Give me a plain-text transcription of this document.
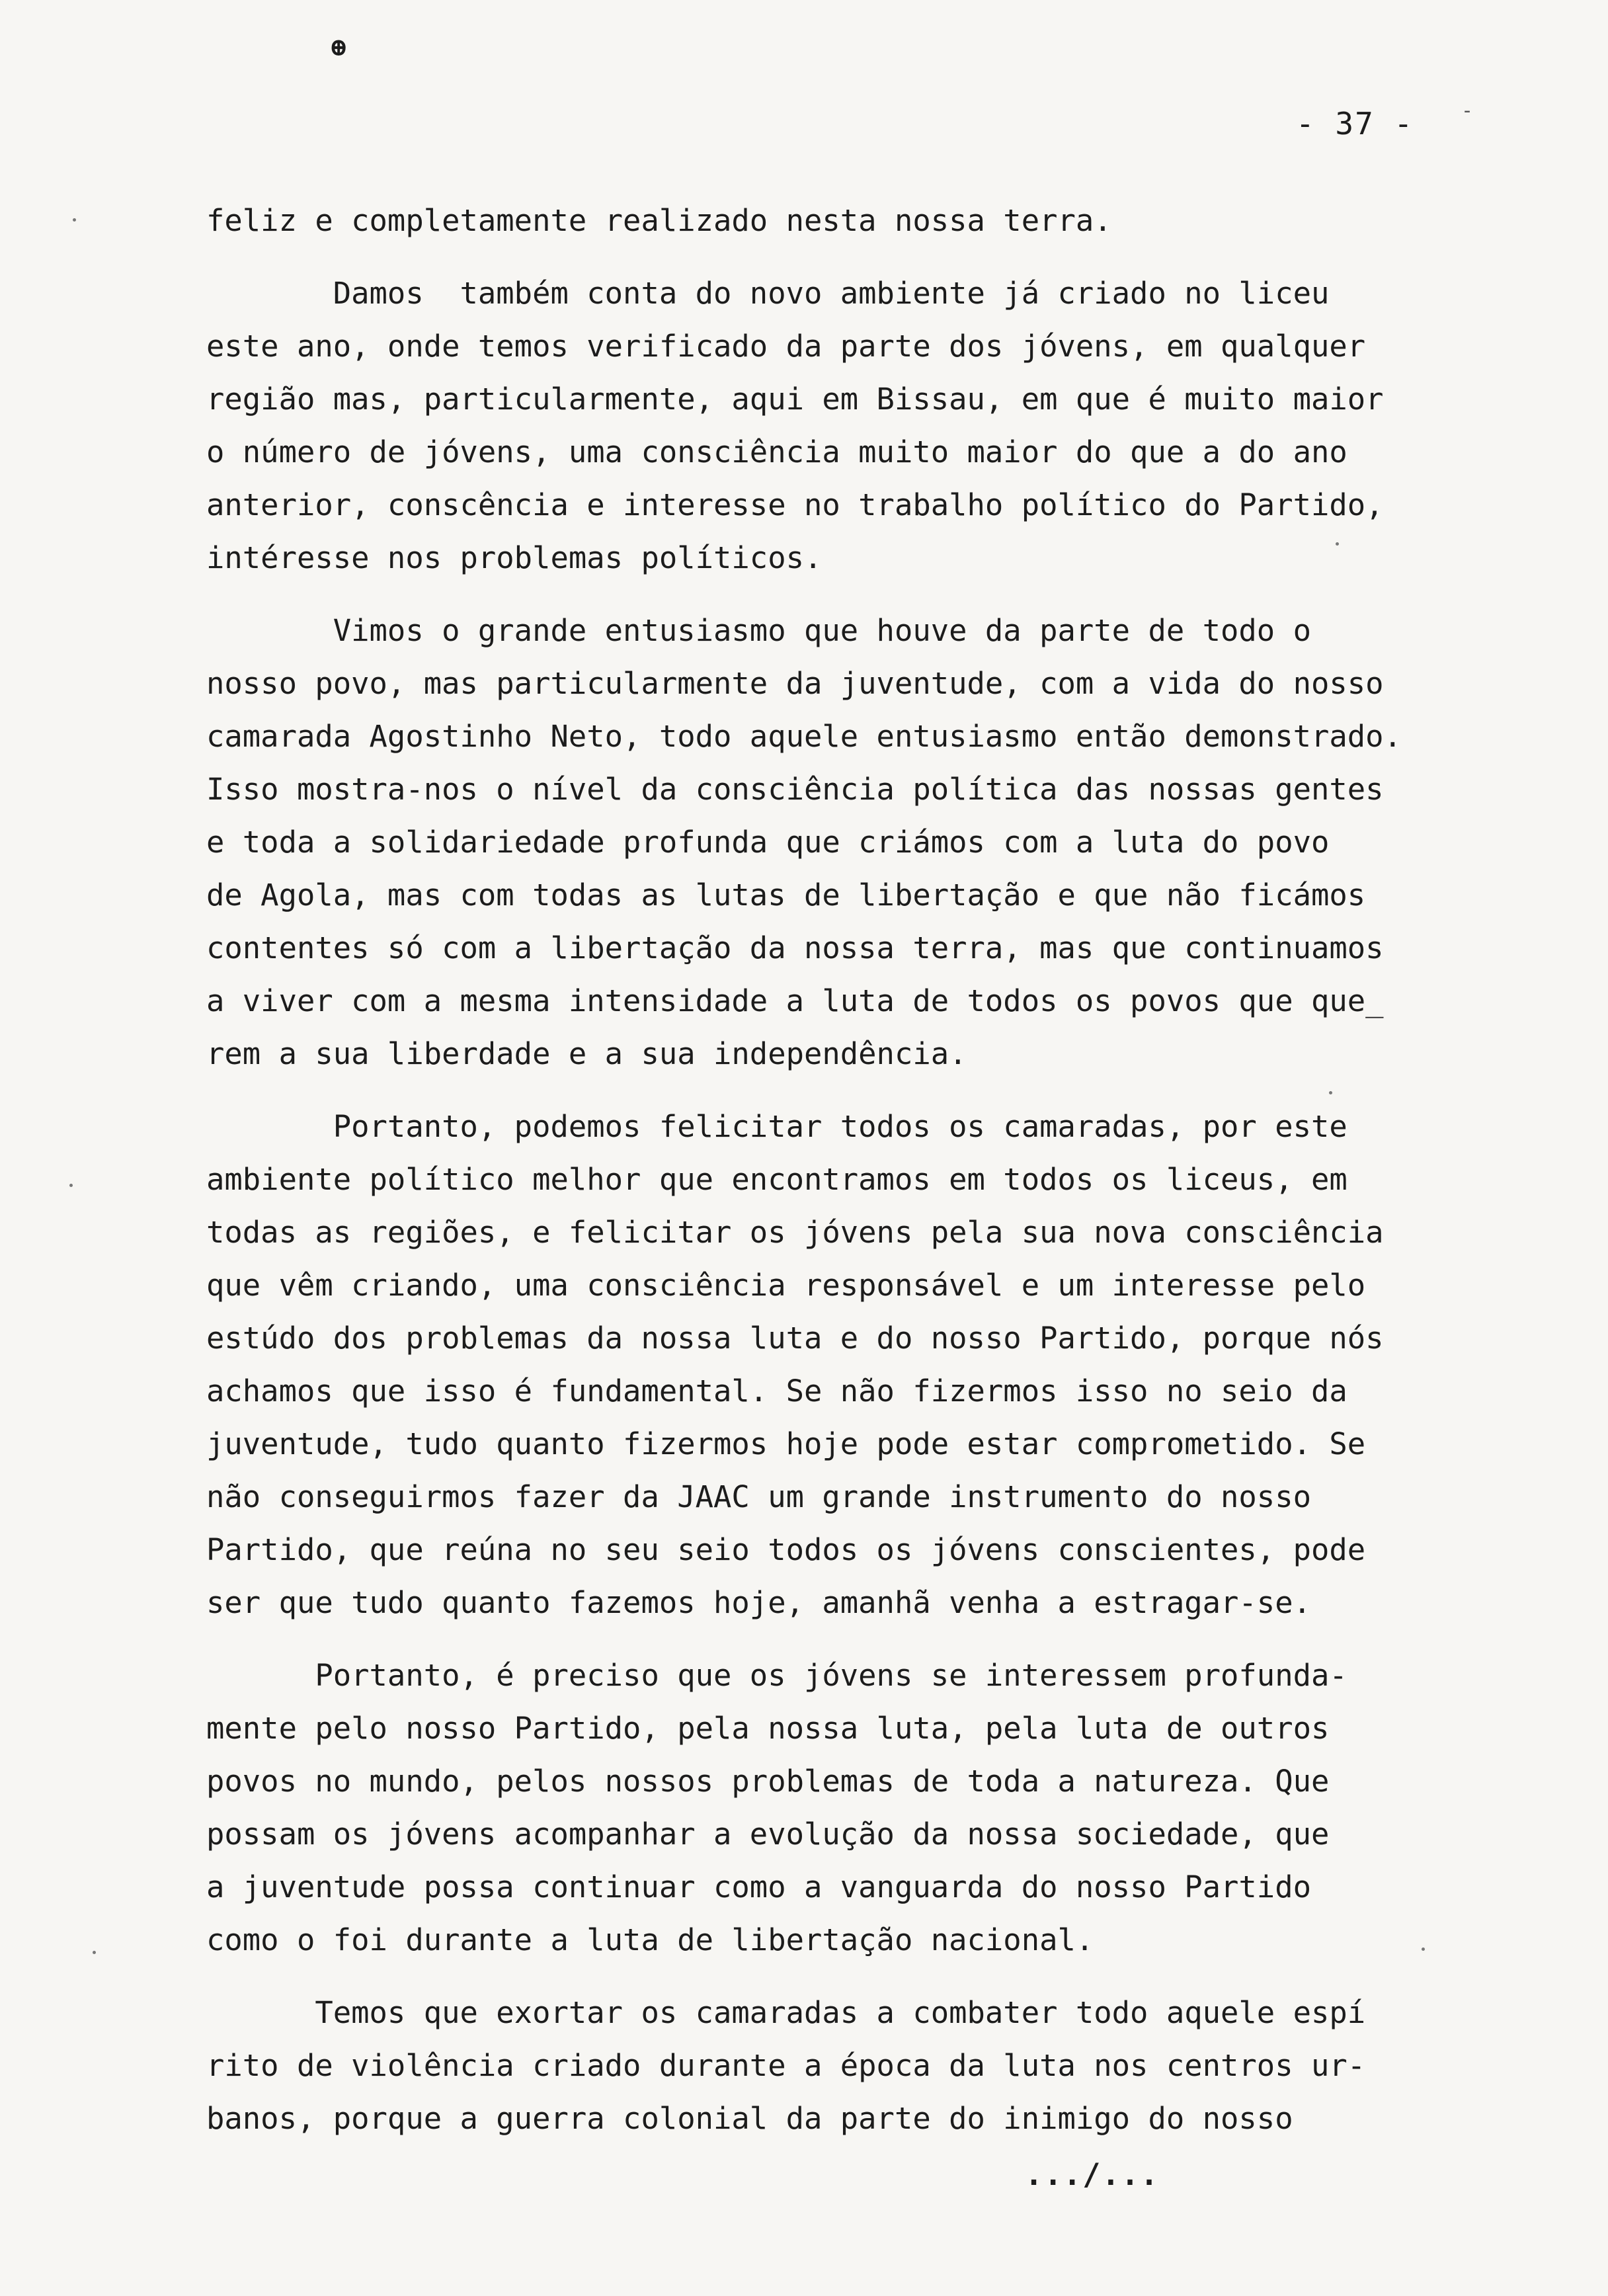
ꚛ
- 37 - -
feliz e completamente realizado nesta nossa terra.
Damos  também conta do novo ambiente já criado no liceu
este ano, onde temos verificado da parte dos jóvens, em qualquer
região mas, particularmente, aqui em Bissau, em que é muito maior
o número de jóvens, uma consciência muito maior do que a do ano
anterior, conscência e interesse no trabalho político do Partido,
intéresse nos problemas políticos.
Vimos o grande entusiasmo que houve da parte de todo o
nosso povo, mas particularmente da juventude, com a vida do nosso
camarada Agostinho Neto, todo aquele entusiasmo então demonstrado.
Isso mostra-nos o nível da consciência política das nossas gentes
e toda a solidariedade profunda que criámos com a luta do povo
de Agola, mas com todas as lutas de libertação e que não ficámos
contentes só com a libertação da nossa terra, mas que continuamos
a viver com a mesma intensidade a luta de todos os povos que que_
rem a sua liberdade e a sua independência.
Portanto, podemos felicitar todos os camaradas, por este
ambiente político melhor que encontramos em todos os liceus, em
todas as regiões, e felicitar os jóvens pela sua nova consciência
que vêm criando, uma consciência responsável e um interesse pelo
estúdo dos problemas da nossa luta e do nosso Partido, porque nós
achamos que isso é fundamental. Se não fizermos isso no seio da
juventude, tudo quanto fizermos hoje pode estar comprometido. Se
não conseguirmos fazer da JAAC um grande instrumento do nosso
Partido, que reúna no seu seio todos os jóvens conscientes, pode
ser que tudo quanto fazemos hoje, amanhã venha a estragar-se.
Portanto, é preciso que os jóvens se interessem profunda-
mente pelo nosso Partido, pela nossa luta, pela luta de outros
povos no mundo, pelos nossos problemas de toda a natureza. Que
possam os jóvens acompanhar a evolução da nossa sociedade, que
a juventude possa continuar como a vanguarda do nosso Partido
como o foi durante a luta de libertação nacional.
Temos que exortar os camaradas a combater todo aquele espí
rito de violência criado durante a época da luta nos centros ur-
banos, porque a guerra colonial da parte do inimigo do nosso
.../...
